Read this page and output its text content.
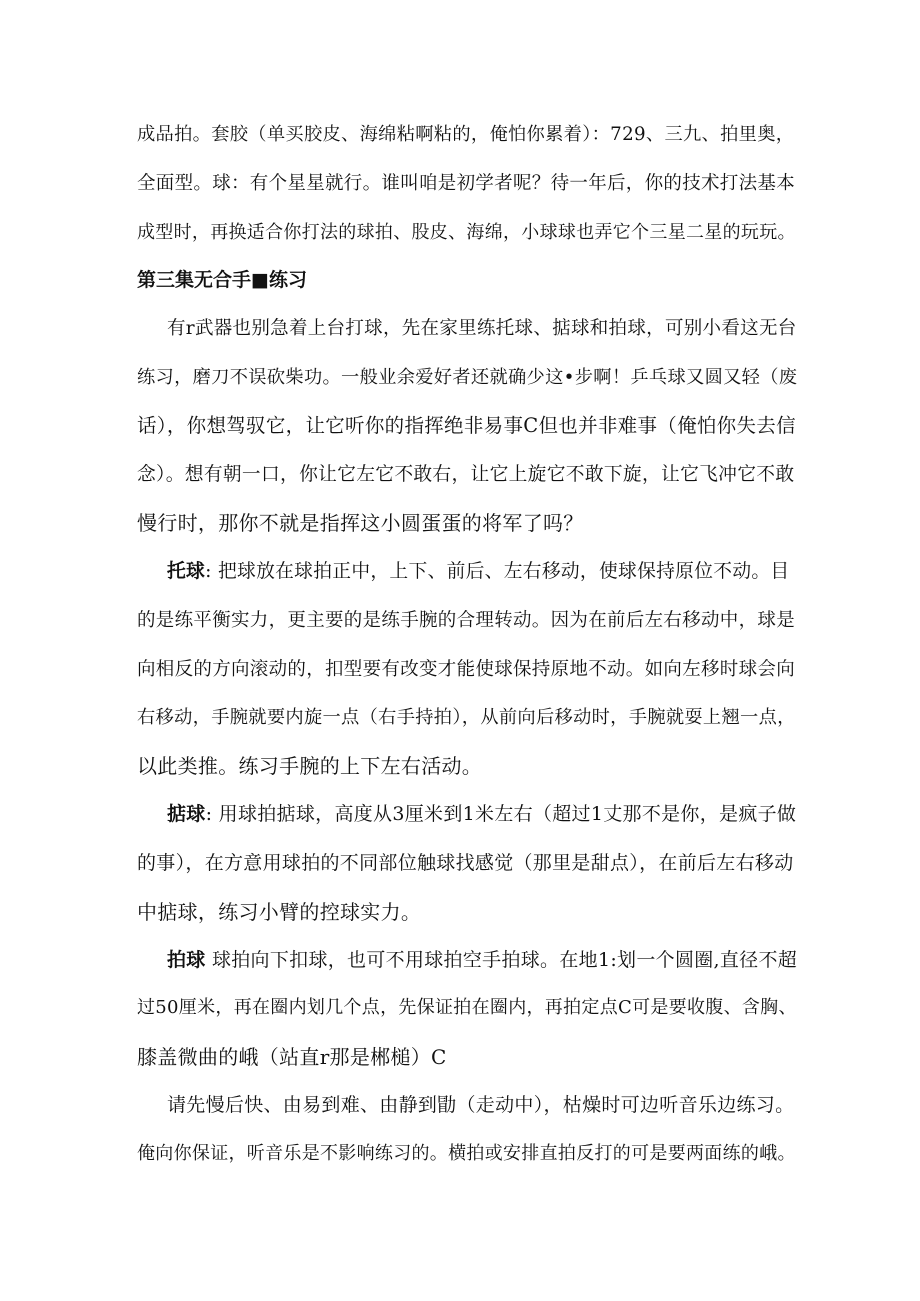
成品拍。套胶（单买胶皮、海绵粘啊粘的，俺怕你累着）：729、三九、拍里奥，
全面型。球：有个星星就行。谁叫咱是初学者呢？待一年后，你的技术打法基本
成型时，再换适合你打法的球拍、股皮、海绵，小球球也弄它个三星二星的玩玩。
第三集无合手■练习
有r武器也别急着上台打球，先在家里练托球、掂球和拍球，可别小看这无台
练习，磨刀不误砍柴功。一般业余爱好者还就确少这•步啊！乒乓球又圆又轻（废
话），你想驾驭它，让它听你的指挥绝非易事C但也并非难事（俺怕你失去信
念）。想有朝一口，你让它左它不敢右，让它上旋它不敢下旋，让它飞冲它不敢
慢行时，那你不就是指挥这小圆蛋蛋的将军了吗？
托球: 把球放在球拍正中，上下、前后、左右移动，使球保持原位不动。目
的是练平衡实力，更主要的是练手腕的合理转动。因为在前后左右移动中，球是
向相反的方向滚动的，扣型要有改变才能使球保持原地不动。如向左移时球会向
右移动，手腕就要内旋一点（右手持拍），从前向后移动时，手腕就耍上翘一点，
以此类推。练习手腕的上下左右活动。
掂球: 用球拍掂球，高度从3厘米到1米左右（超过1丈那不是你，是疯子做
的事），在方意用球拍的不同部位触球找感觉（那里是甜点），在前后左右移动
中掂球，练习小臂的控球实力。
拍球 球拍向下扣球，也可不用球拍空手拍球。在地1:划一个圆圈,直径不超
过50厘米，再在圈内划几个点，先保证拍在圈内，再拍定点C可是要收腹、含胸、
膝盖微曲的峨（站直r那是郴槌）C
请先慢后快、由易到难、由静到勖（走动中），枯燥时可边听音乐边练习。
俺向你保证，听音乐是不影响练习的。横拍或安排直拍反打的可是要两面练的峨。
